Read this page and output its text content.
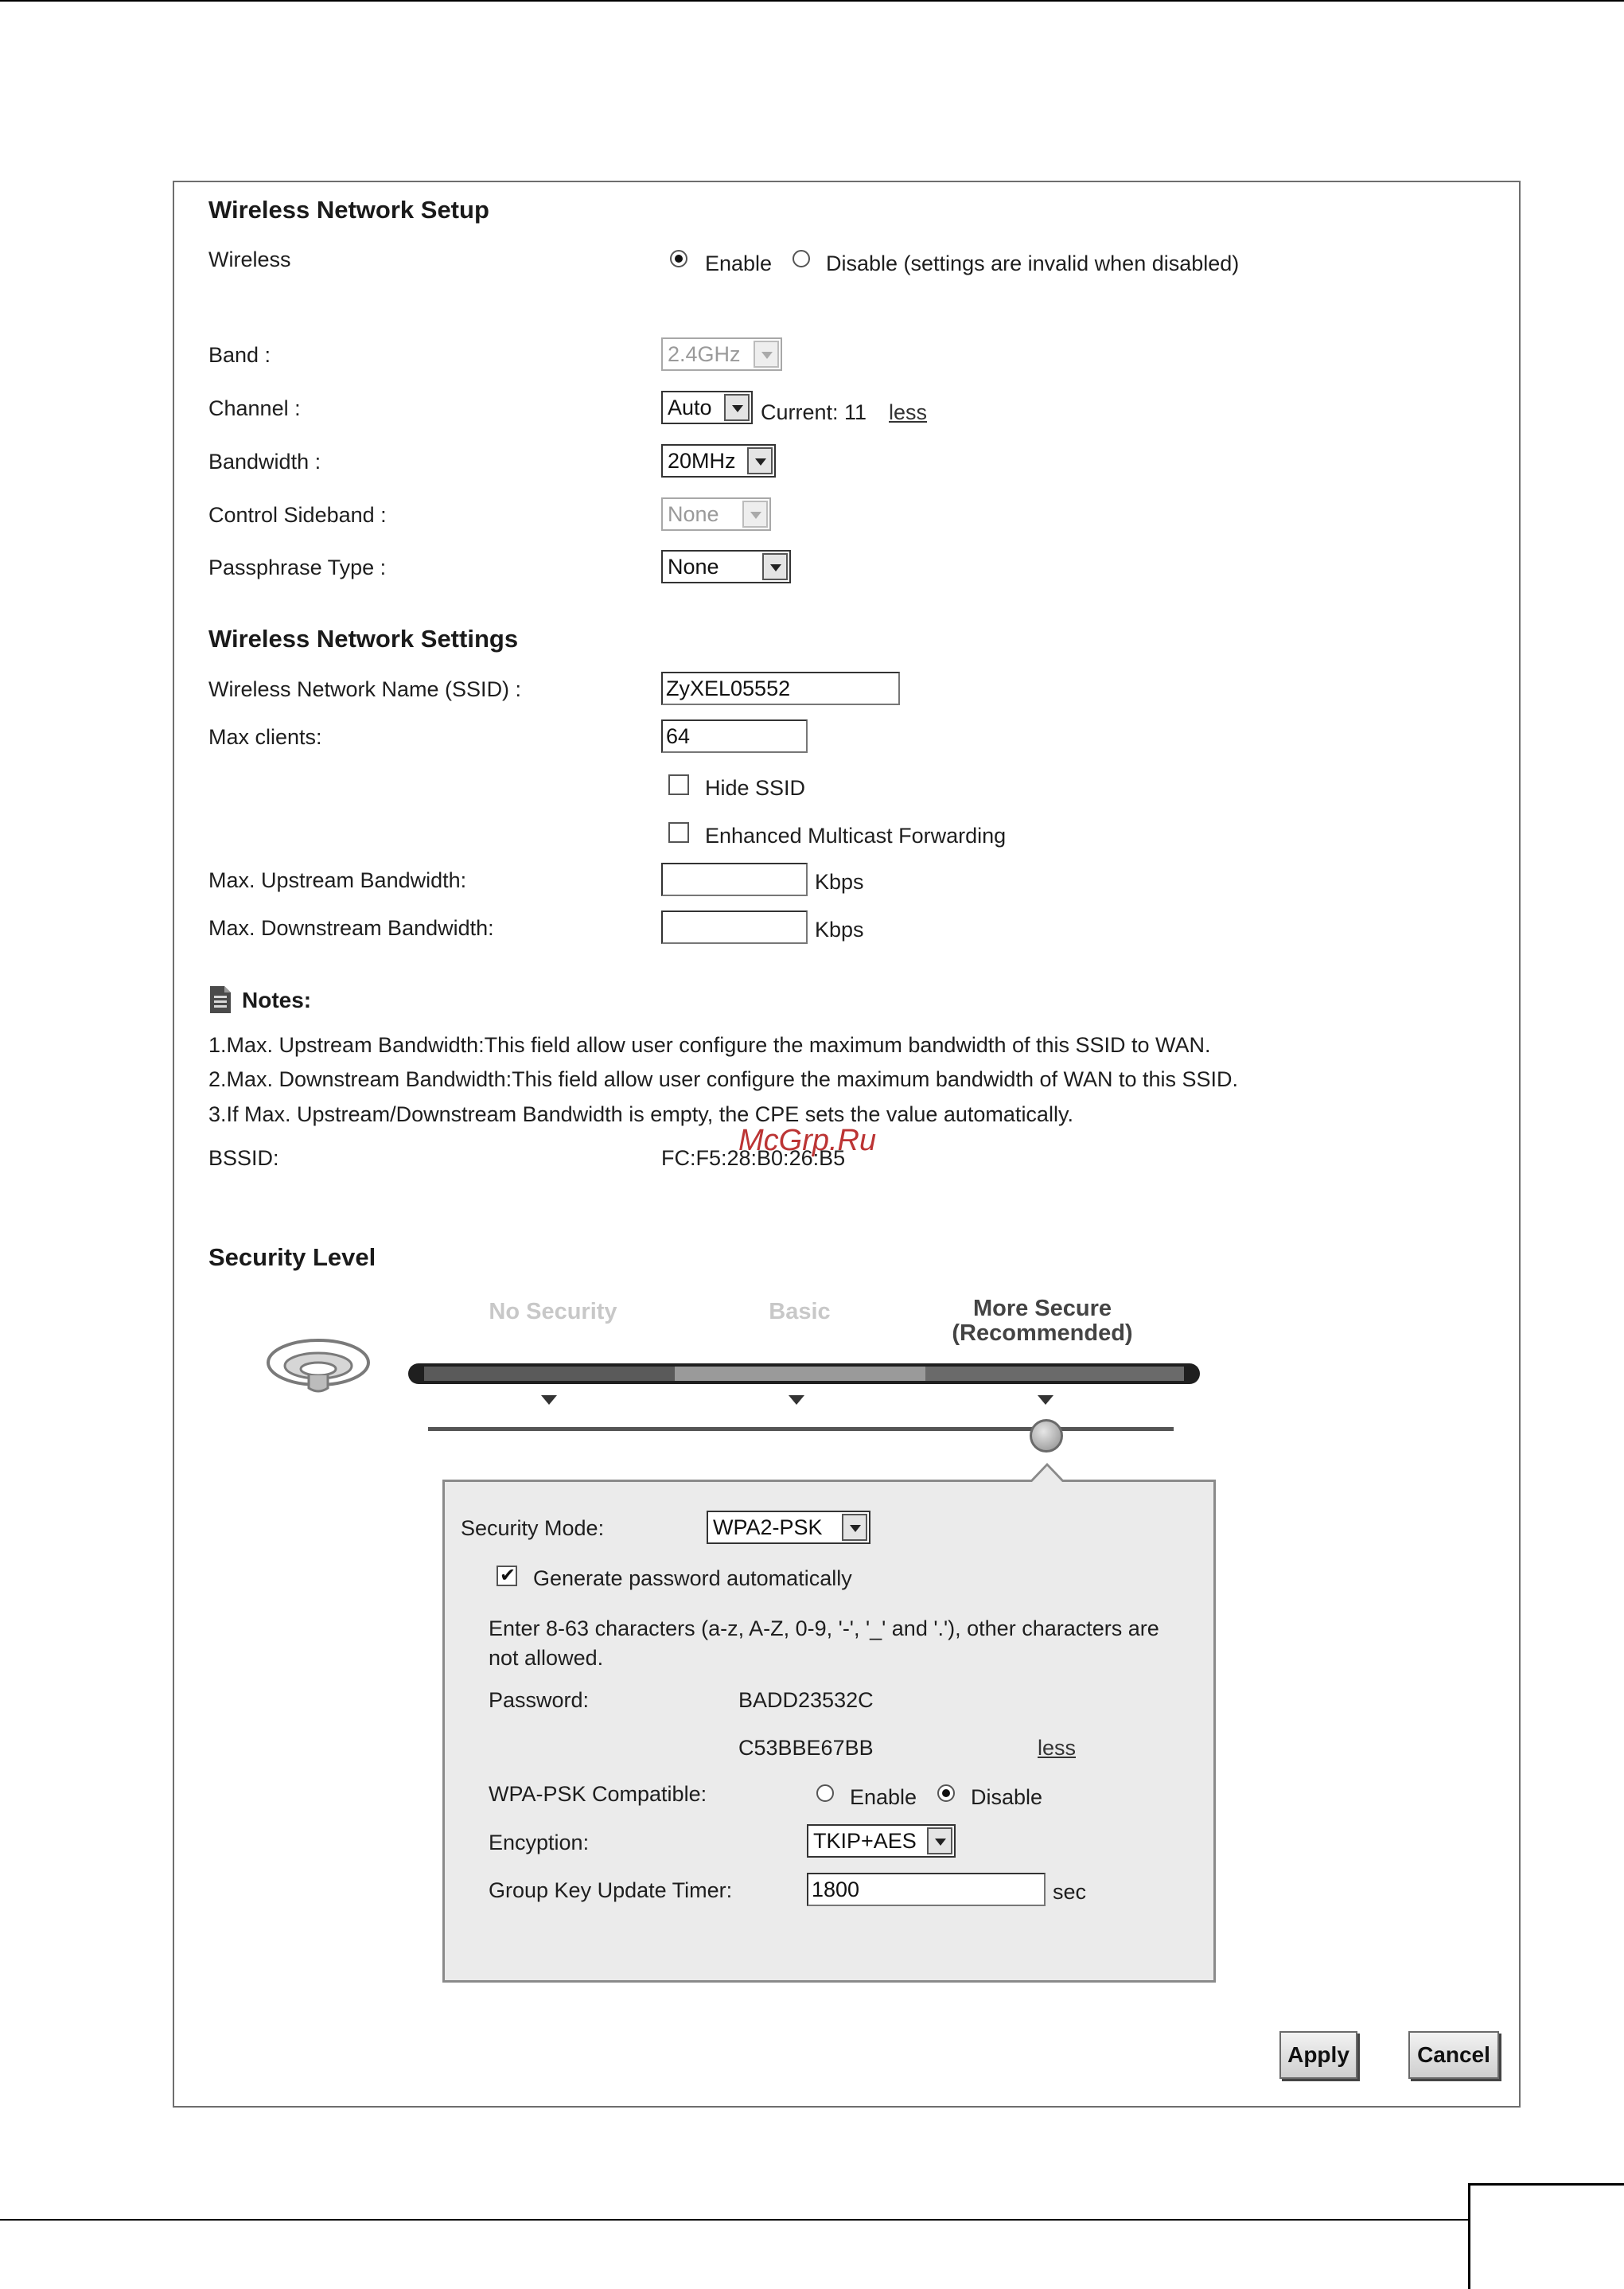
Wireless Network Setup
Wireless	Enable	Disable (settings are invalid when disabled)
Band :	2.4GHz
Channel :	Auto	Current: 11 less
Bandwidth :	20MHz
Control Sideband :	None
Passphrase Type :	None
Wireless Network Settings
Wireless Network Name (SSID) :
ZyXEL05552
Max clients:
64
Hide SSID
Enhanced Multicast Forwarding
Max. Upstream Bandwidth:	Kbps
Max. Downstream Bandwidth:	Kbps
Notes:
1.Max. Upstream Bandwidth:This field allow user configure the maximum bandwidth of this SSID to WAN.
2.Max. Downstream Bandwidth:This field allow user configure the maximum bandwidth of WAN to this SSID.
3.If Max. Upstream/Downstream Bandwidth is empty, the CPE sets the value automatically.
BSSID:	FC:F5:28:B0:26:B5
McGrp.Ru
Security Level
No Security	Basic	More Secure
(Recommended)
Security Mode:	WPA2-PSK
✔
Generate password automatically
Enter 8-63 characters (a-z, A-Z, 0-9, '-', '_' and '.'), other characters are
not allowed.
Password:	BADD23532C
C53BBE67BB	less
WPA-PSK Compatible:	Enable	Disable
Encyption:	TKIP+AES
Group Key Update Timer:
1800	sec
Apply	Cancel
